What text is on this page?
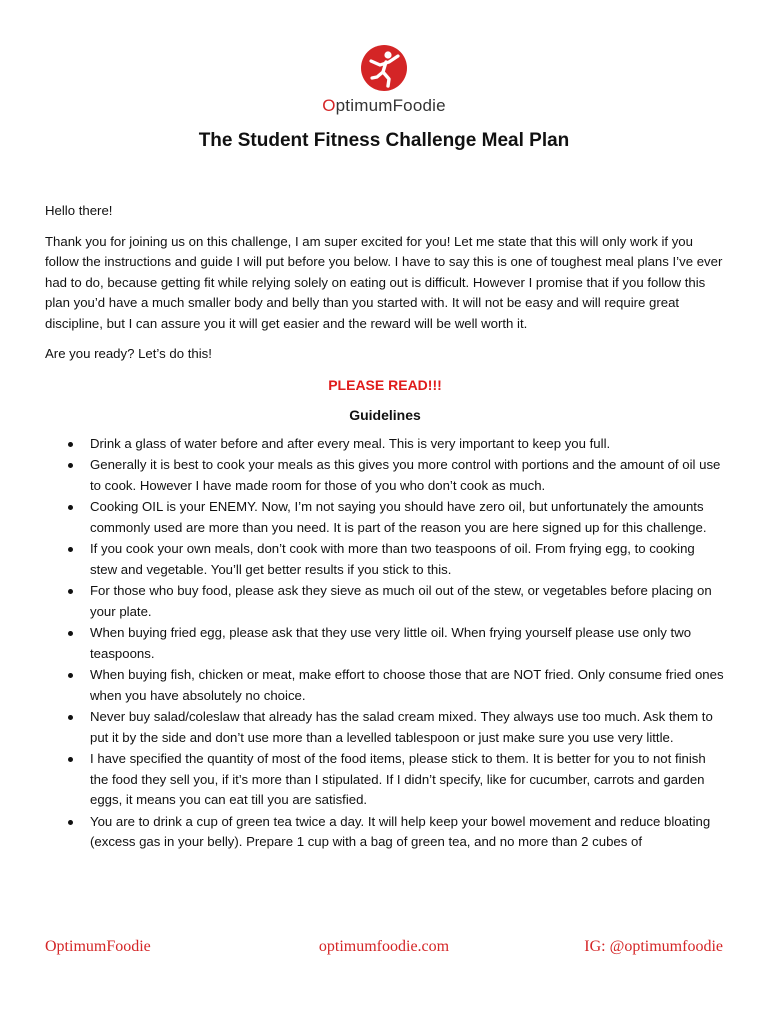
OptimumFoodie
The Student Fitness Challenge Meal Plan

Hello there!

Thank you for joining us on this challenge, I am super excited for you! Let me state that this will only work if you follow the instructions and guide I will put before you below. I have to say this is one of toughest meal plans I’ve ever had to do, because getting fit while relying solely on eating out is difficult. However I promise that if you follow this plan you’d have a much smaller body and belly than you started with. It will not be easy and will require great discipline, but I can assure you it will get easier and the reward will be well worth it.

Are you ready? Let’s do this!

PLEASE READ!!!
Guidelines
Drink a glass of water before and after every meal. This is very important to keep you full.
Generally it is best to cook your meals as this gives you more control with portions and the amount of oil use to cook. However I have made room for those of you who don’t cook as much.
Cooking OIL is your ENEMY. Now, I’m not saying you should have zero oil, but unfortunately the amounts commonly used are more than you need. It is part of the reason you are here signed up for this challenge.
If you cook your own meals, don’t cook with more than two teaspoons of oil. From frying egg, to cooking stew and vegetable. You’ll get better results if you stick to this.
For those who buy food, please ask they sieve as much oil out of the stew, or vegetables before placing on your plate.
When buying fried egg, please ask that they use very little oil. When frying yourself please use only two teaspoons.
When buying fish, chicken or meat, make effort to choose those that are NOT fried. Only consume fried ones when you have absolutely no choice.
Never buy salad/coleslaw that already has the salad cream mixed. They always use too much. Ask them to put it by the side and don’t use more than a levelled tablespoon or just make sure you use very little.
I have specified the quantity of most of the food items, please stick to them. It is better for you to not finish the food they sell you, if it’s more than I stipulated. If I didn’t specify, like for cucumber, carrots and garden eggs, it means you can eat till you are satisfied.
You are to drink a cup of green tea twice a day. It will help keep your bowel movement and reduce bloating (excess gas in your belly). Prepare 1 cup with a bag of green tea, and no more than 2 cubes of
OptimumFoodie	optimumfoodie.com	IG: @optimumfoodie
